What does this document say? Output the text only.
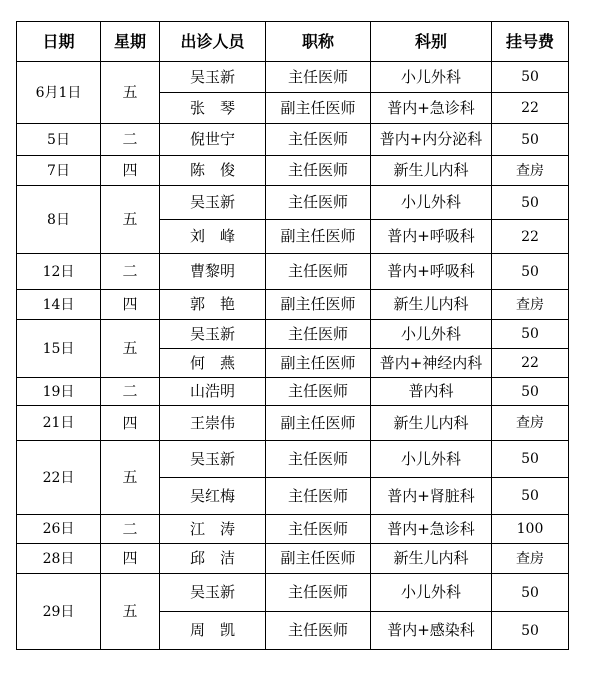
日期	星期	出诊人员	职称	科别	挂号费
6月1日	五	吴玉新	主任医师	小儿外科	50
		张　琴	副主任医师	普内+急诊科	22
5日	二	倪世宁	主任医师	普内+内分泌科	50
7日	四	陈　俊	主任医师	新生儿内科	查房
8日	五	吴玉新	主任医师	小儿外科	50
		刘　峰	副主任医师	普内+呼吸科	22
12日	二	曹黎明	主任医师	普内+呼吸科	50
14日	四	郭　艳	副主任医师	新生儿内科	查房
15日	五	吴玉新	主任医师	小儿外科	50
		何　燕	副主任医师	普内+神经内科	22
19日	二	山浩明	主任医师	普内科	50
21日	四	王崇伟	副主任医师	新生儿内科	查房
22日	五	吴玉新	主任医师	小儿外科	50
		吴红梅	主任医师	普内+肾脏科	50
26日	二	江　涛	主任医师	普内+急诊科	100
28日	四	邱　洁	副主任医师	新生儿内科	查房
29日	五	吴玉新	主任医师	小儿外科	50
		周　凯	主任医师	普内+感染科	50
